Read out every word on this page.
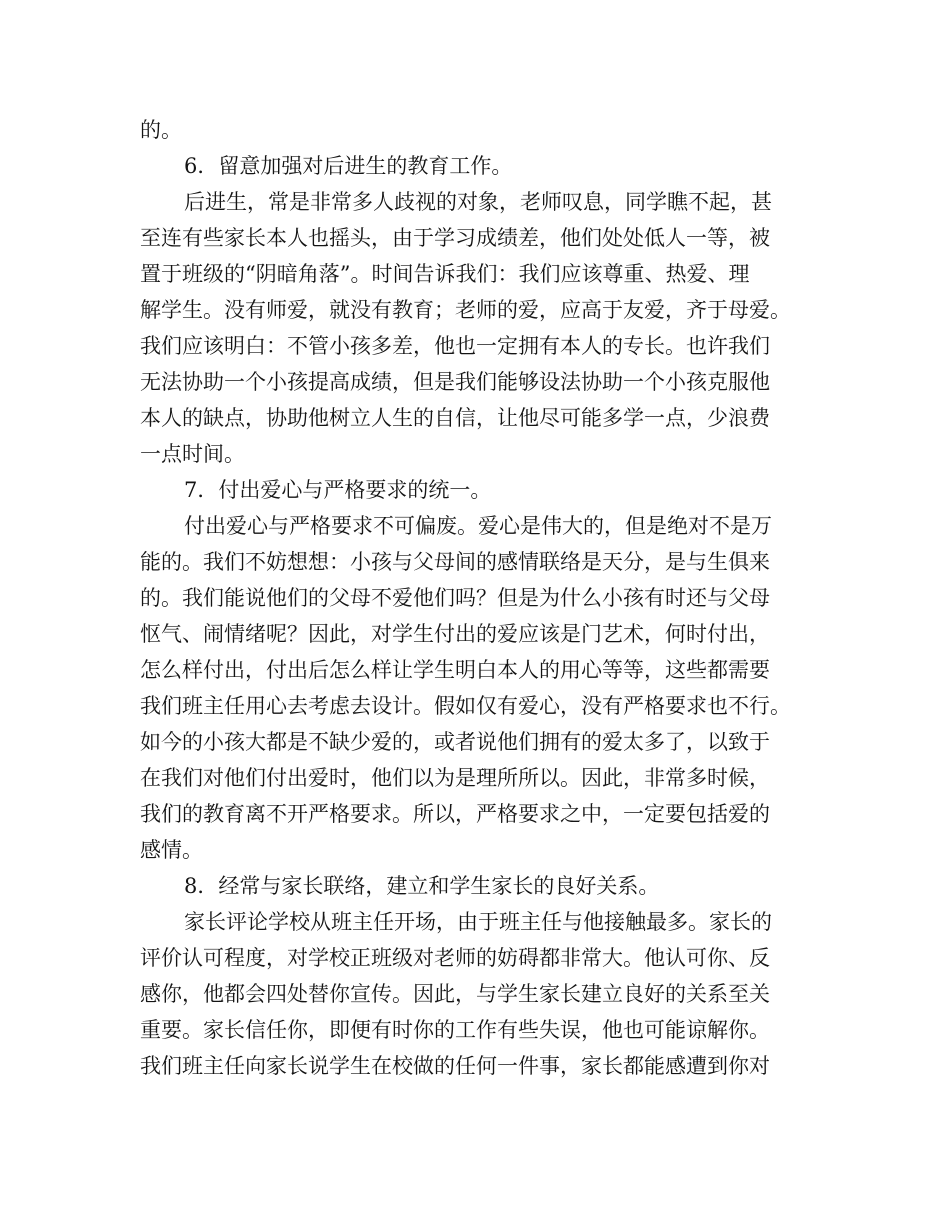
的。
6．留意加强对后进生的教育工作。
后进生，常是非常多人歧视的对象，老师叹息，同学瞧不起，甚
至连有些家长本人也摇头，由于学习成绩差，他们处处低人一等，被
置于班级的“阴暗角落”。时间告诉我们：我们应该尊重、热爱、理
解学生。没有师爱，就没有教育；老师的爱，应高于友爱，齐于母爱。
我们应该明白：不管小孩多差，他也一定拥有本人的专长。也许我们
无法协助一个小孩提高成绩，但是我们能够设法协助一个小孩克服他
本人的缺点，协助他树立人生的自信，让他尽可能多学一点，少浪费
一点时间。
7．付出爱心与严格要求的统一。
付出爱心与严格要求不可偏废。爱心是伟大的，但是绝对不是万
能的。我们不妨想想：小孩与父母间的感情联络是天分，是与生俱来
的。我们能说他们的父母不爱他们吗？但是为什么小孩有时还与父母
怄气、闹情绪呢？因此，对学生付出的爱应该是门艺术，何时付出，
怎么样付出，付出后怎么样让学生明白本人的用心等等，这些都需要
我们班主任用心去考虑去设计。假如仅有爱心，没有严格要求也不行。
如今的小孩大都是不缺少爱的，或者说他们拥有的爱太多了，以致于
在我们对他们付出爱时，他们以为是理所所以。因此，非常多时候，
我们的教育离不开严格要求。所以，严格要求之中，一定要包括爱的
感情。
8．经常与家长联络，建立和学生家长的良好关系。
家长评论学校从班主任开场，由于班主任与他接触最多。家长的
评价认可程度，对学校正班级对老师的妨碍都非常大。他认可你、反
感你，他都会四处替你宣传。因此，与学生家长建立良好的关系至关
重要。家长信任你，即便有时你的工作有些失误，他也可能谅解你。
我们班主任向家长说学生在校做的任何一件事，家长都能感遭到你对
